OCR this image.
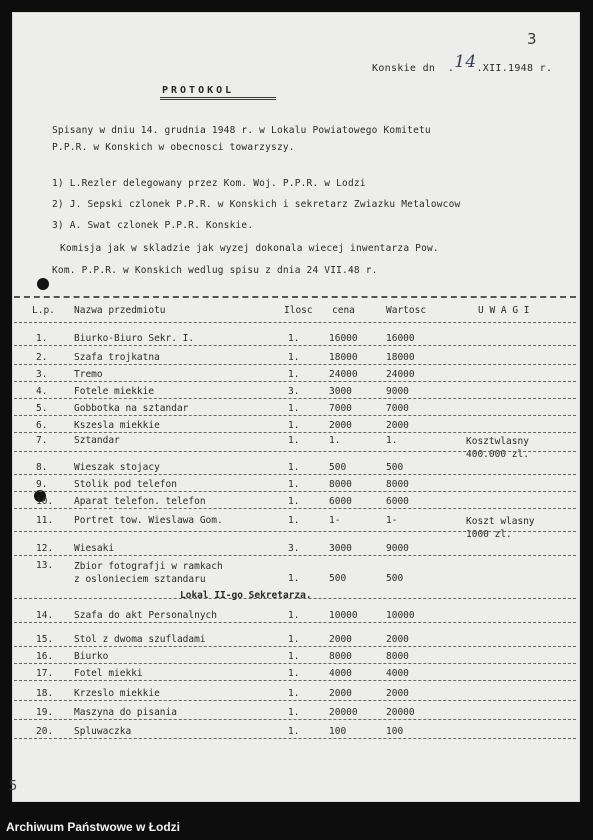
3
Konskie dn  .14.XII.1948 r.
PROTOKOL
Spisany w dniu 14. grudnia 1948 r. w Lokalu Powiatowego Komitetu
P.P.R. w Konskich w obecnosci towarzyszy.
1) L.Rezler delegowany przez Kom. Woj. P.P.R. w Lodzi
2) J. Sepski czlonek P.P.R. w Konskich i sekretarz Zwiazku Metalowcow
3) A. Swat czlonek P.P.R. Konskie.
Komisja jak w skladzie jak wyzej dokonala wiecej inwentarza Pow.
Kom. P.P.R. w Konskich wedlug spisu z dnia 24 VII.48 r.
L.p. Nazwa przedmiotu	Ilosc cena	Wartosc	U W A G I
1.	Biurko-Biuro Sekr. I.	1.	16000	16000
2.	Szafa trojkatna	1.	18000	18000
3.	Tremo	1.	24000	24000
4.	Fotele miekkie	3.	3000	9000
5.	Gobbotka na sztandar	1.	7000	7000
6.	Kszesla miekkie	1.	2000	2000
7.	Sztandar	1.	1.	1.	Kosztwlasny
400.000 zl.
8.	Wieszak stojacy	1.	500	500
9.	Stolik pod telefon	1.	8000	8000
10. Aparat telefon. telefon	1.	6000	6000
11. Portret tow. Wieslawa Gom.	1.	1-	1-	Koszt wlasny
1000 zl.
12. Wiesaki	3.	3000	9000
13. Zbior fotografji w ramkach
z oslonieciem sztandaru	1.	500	500
Lokal II-go Sekretarza.
14. Szafa do akt Personalnych	1.	10000	10000
15. Stol z dwoma szufladami	1.	2000	2000
16. Biurko	1.	8000	8000
17. Fotel miekki	1.	4000	4000
18. Krzeslo miekkie	1.	2000	2000
19. Maszyna do pisania	1.	20000	20000
20. Spluwaczka	1.	100	100
5
Archiwum Państwowe w Łodzi
